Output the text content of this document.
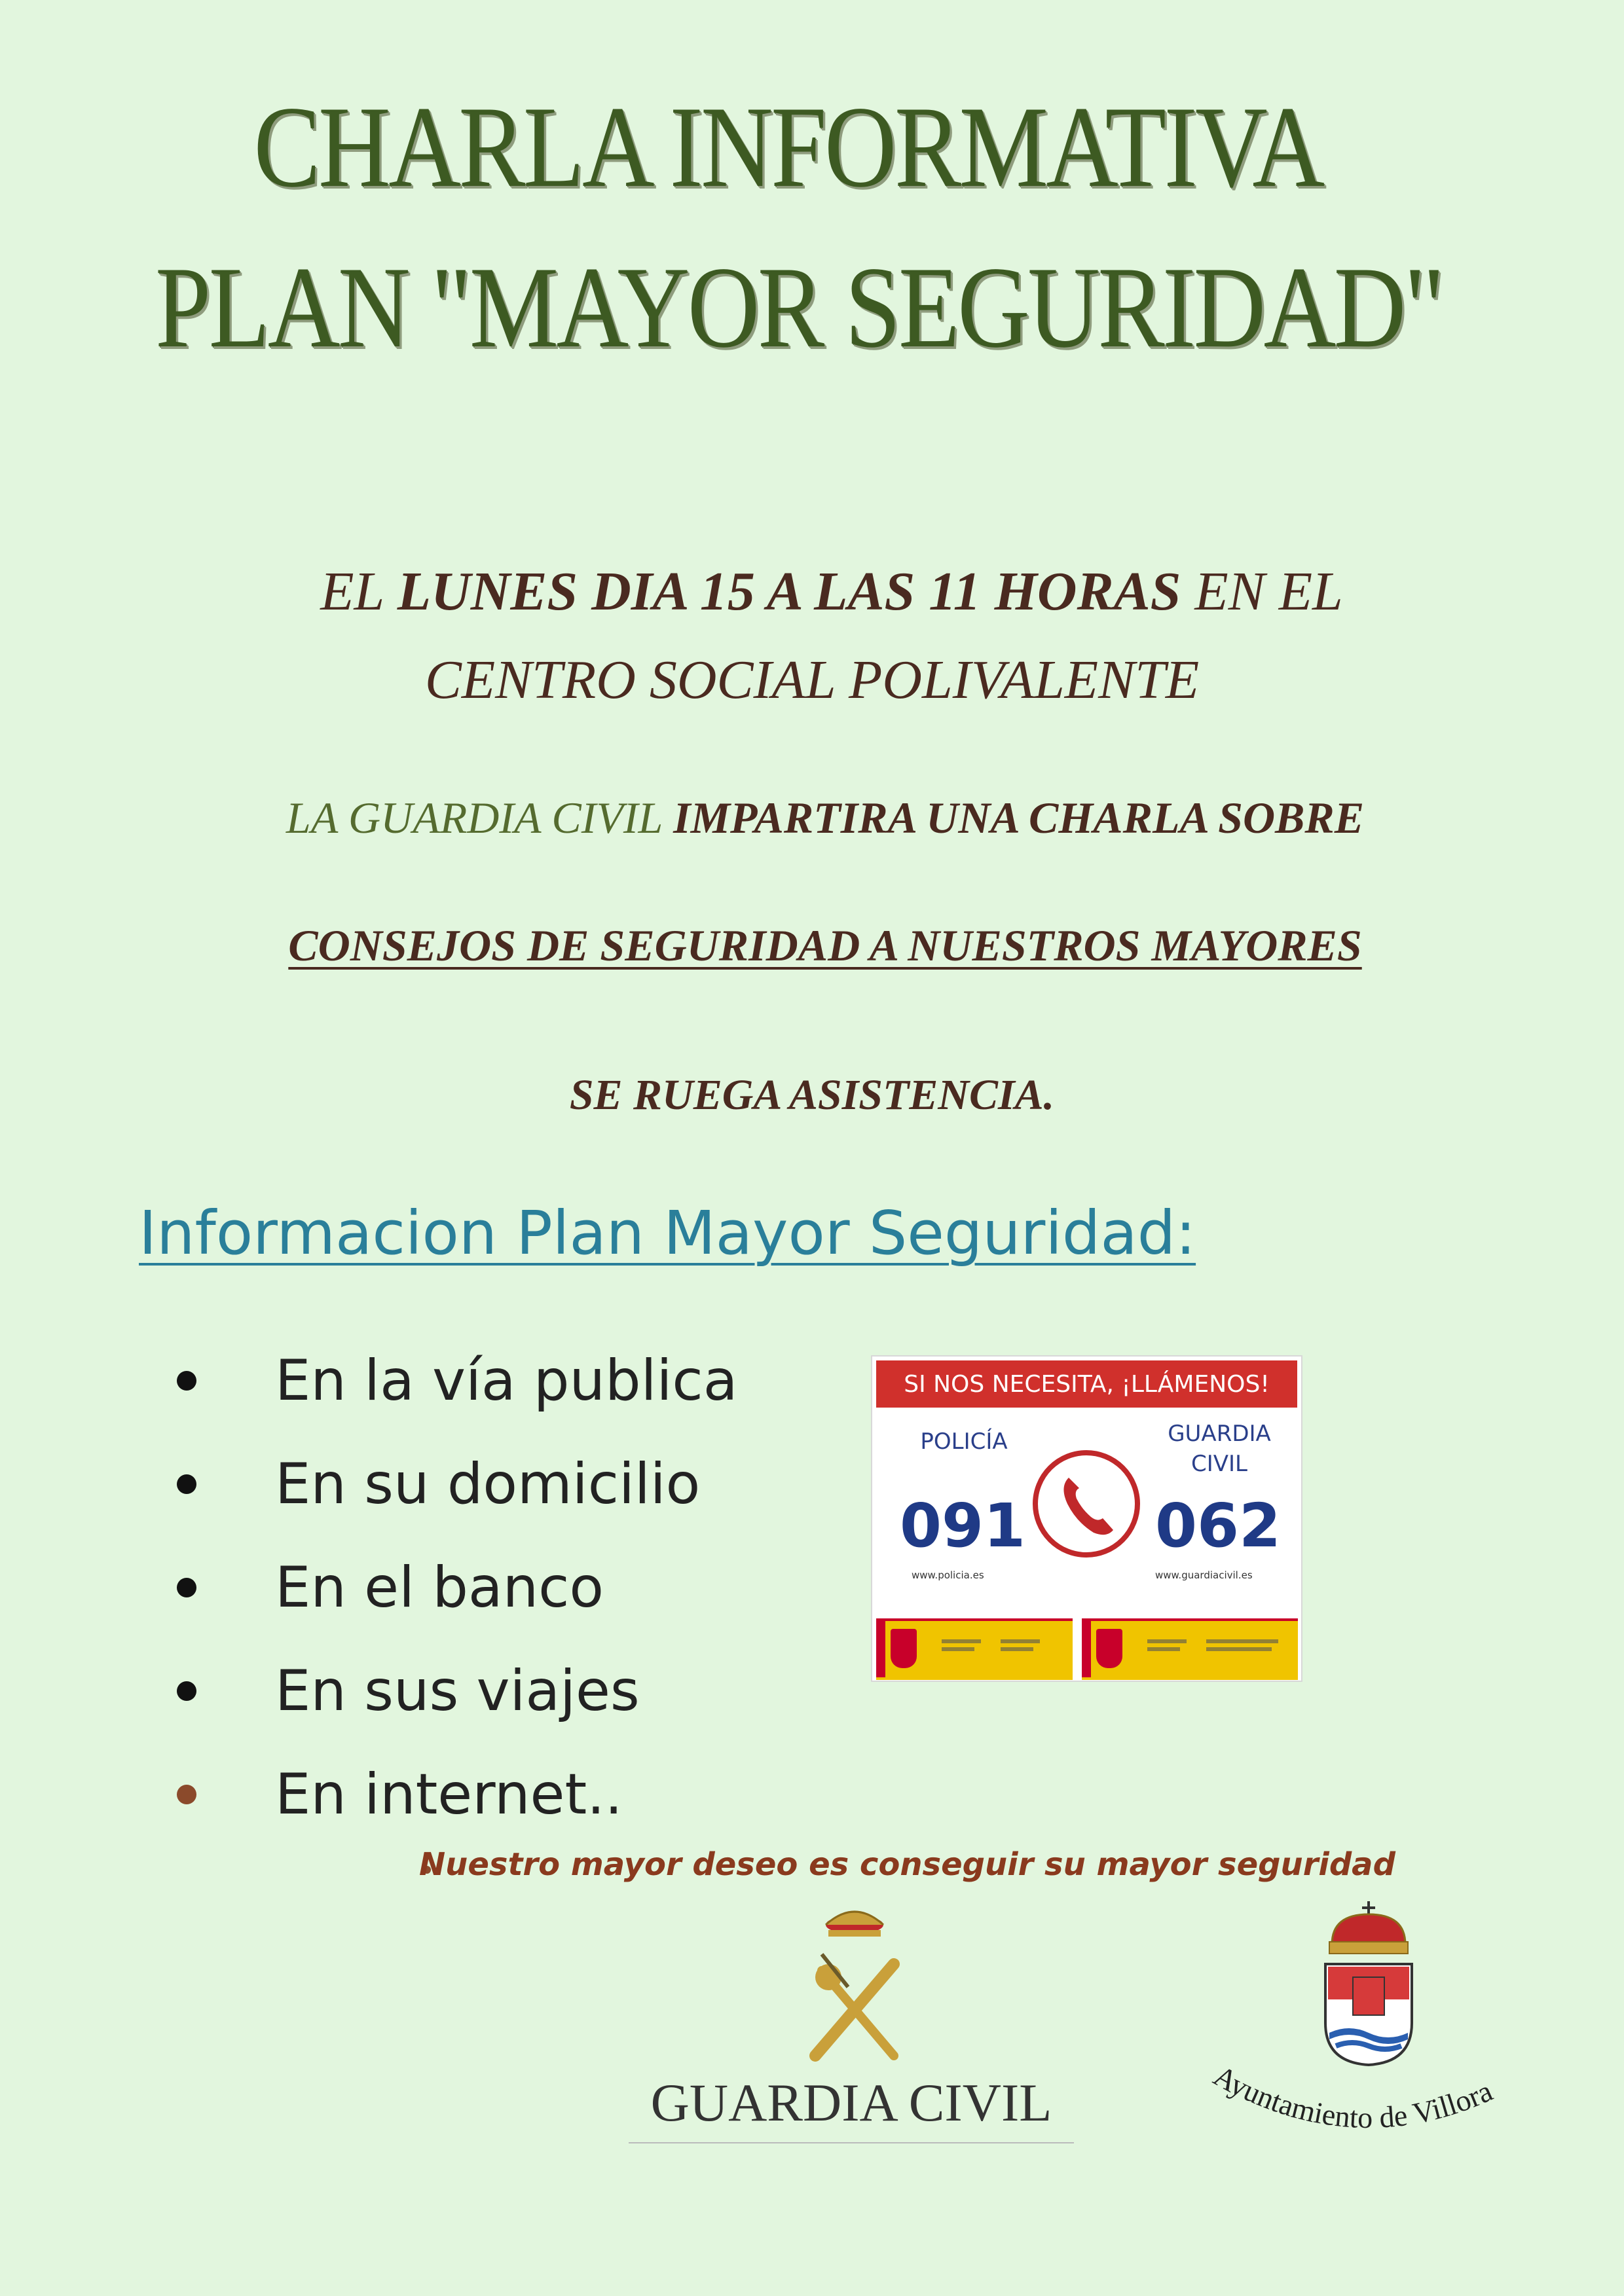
CHARLA INFORMATIVA
PLAN "MAYOR SEGURIDAD"
EL LUNES DIA 15 A LAS 11 HORAS EN EL
CENTRO SOCIAL POLIVALENTE
LA GUARDIA CIVIL IMPARTIRA UNA CHARLA SOBRE
CONSEJOS DE SEGURIDAD A NUESTROS MAYORES
SE RUEGA ASISTENCIA.
Informacion Plan Mayor Seguridad:
En la vía publica
En su domicilio
En el banco
En sus viajes
En internet..
Nuestro mayor deseo es conseguir su mayor seguridad
SI NOS NECESITA, ¡LLÁMENOS!
POLICÍA
091
www.policia.es
GUARDIA
CIVIL
062
www.guardiacivil.es
GUARDIA CIVIL	Ayuntamiento de Villora
